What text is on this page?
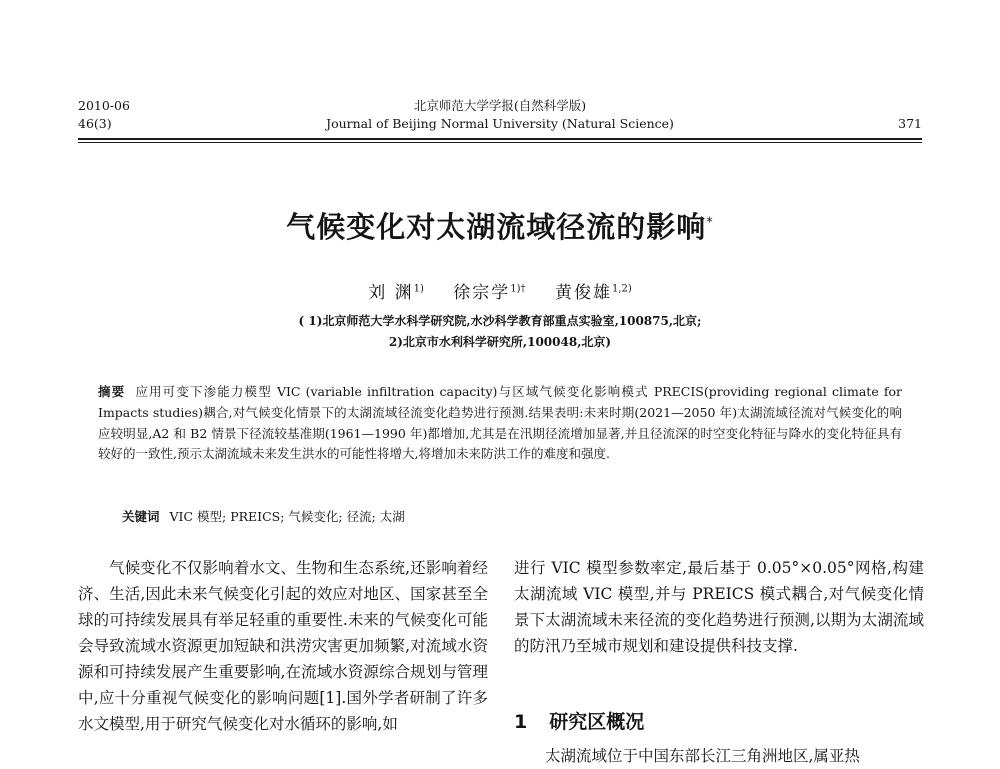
2010-06
46(3)
北京师范大学学报(自然科学版)
Journal of Beijing Normal University (Natural Science)	371
气候变化对太湖流域径流的影响*
刘 渊$^{1)}$ 徐宗学$^{1)\dagger}$ 黄俊雄$^{1,2)}$
( 1)北京师范大学水科学研究院,水沙科学教育部重点实验室,100875,北京;
2)北京市水利科学研究所,100048,北京)
摘要 应用可变下渗能力模型 VIC (variable infiltration capacity)与区域气候变化影响模式 PRECIS(providing regional climate for Impacts studies)耦合,对气候变化情景下的太湖流域径流变化趋势进行预测.结果表明:未来时期(2021—2050 年)太湖流域径流对气候变化的响应较明显,A2 和 B2 情景下径流较基准期(1961—1990 年)都增加,尤其是在汛期径流增加显著,并且径流深的时空变化特征与降水的变化特征具有较好的一致性,预示太湖流域未来发生洪水的可能性将增大,将增加未来防洪工作的难度和强度.
关键词 VIC 模型; PREICS; 气候变化; 径流; 太湖
气候变化不仅影响着水文、生物和生态系统,还影响着经济、生活,因此未来气候变化引起的效应对地区、国家甚至全球的可持续发展具有举足轻重的重要性.未来的气候变化可能会导致流域水资源更加短缺和洪涝灾害更加频繁,对流域水资源和可持续发展产生重要影响,在流域水资源综合规划与管理中,应十分重视气候变化的影响问题[1].国外学者研制了许多水文模型,用于研究气候变化对水循环的影响,如
进行 VIC 模型参数率定,最后基于 0.05°×0.05°网格,构建太湖流域 VIC 模型,并与 PREICS 模式耦合,对气候变化情景下太湖流域未来径流的变化趋势进行预测,以期为太湖流域的防汛乃至城市规划和建设提供科技支撑.
1 研究区概况
太湖流域位于中国东部长江三角洲地区,属亚热
